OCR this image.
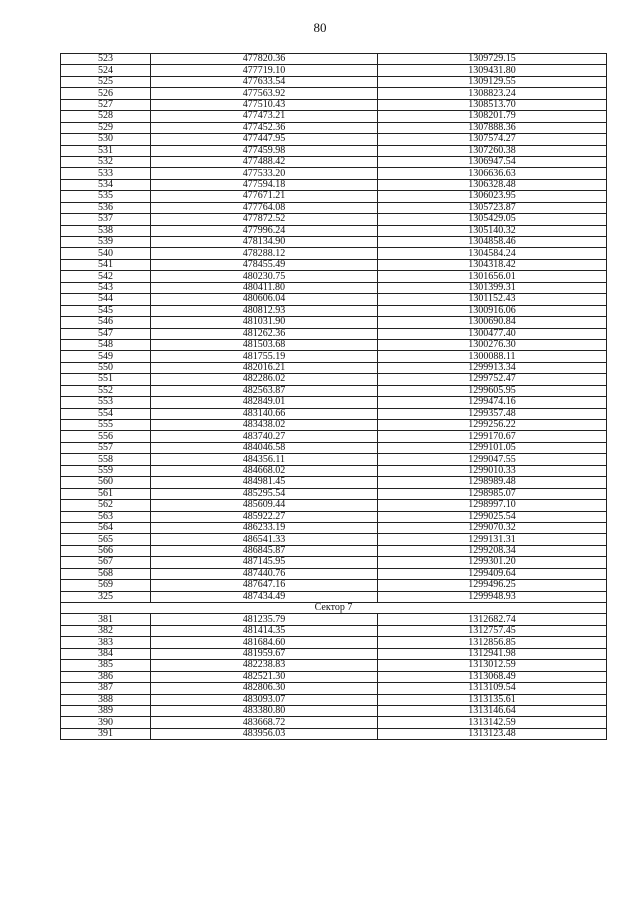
80
523	477820.36	1309729.15
524	477719.10	1309431.80
525	477633.54	1309129.55
526	477563.92	1308823.24
527	477510.43	1308513.70
528	477473.21	1308201.79
529	477452.36	1307888.36
530	477447.95	1307574.27
531	477459.98	1307260.38
532	477488.42	1306947.54
533	477533.20	1306636.63
534	477594.18	1306328.48
535	477671.21	1306023.95
536	477764.08	1305723.87
537	477872.52	1305429.05
538	477996.24	1305140.32
539	478134.90	1304858.46
540	478288.12	1304584.24
541	478455.49	1304318.42
542	480230.75	1301656.01
543	480411.80	1301399.31
544	480606.04	1301152.43
545	480812.93	1300916.06
546	481031.90	1300690.84
547	481262.36	1300477.40
548	481503.68	1300276.30
549	481755.19	1300088.11
550	482016.21	1299913.34
551	482286.02	1299752.47
552	482563.87	1299605.95
553	482849.01	1299474.16
554	483140.66	1299357.48
555	483438.02	1299256.22
556	483740.27	1299170.67
557	484046.58	1299101.05
558	484356.11	1299047.55
559	484668.02	1299010.33
560	484981.45	1298989.48
561	485295.54	1298985.07
562	485609.44	1298997.10
563	485922.27	1299025.54
564	486233.19	1299070.32
565	486541.33	1299131.31
566	486845.87	1299208.34
567	487145.95	1299301.20
568	487440.76	1299409.64
569	487647.16	1299496.25
325	487434.49	1299948.93
Сектор 7		
381	481235.79	1312682.74
382	481414.35	1312757.45
383	481684.60	1312856.85
384	481959.67	1312941.98
385	482238.83	1313012.59
386	482521.30	1313068.49
387	482806.30	1313109.54
388	483093.07	1313135.61
389	483380.80	1313146.64
390	483668.72	1313142.59
391	483956.03	1313123.48
